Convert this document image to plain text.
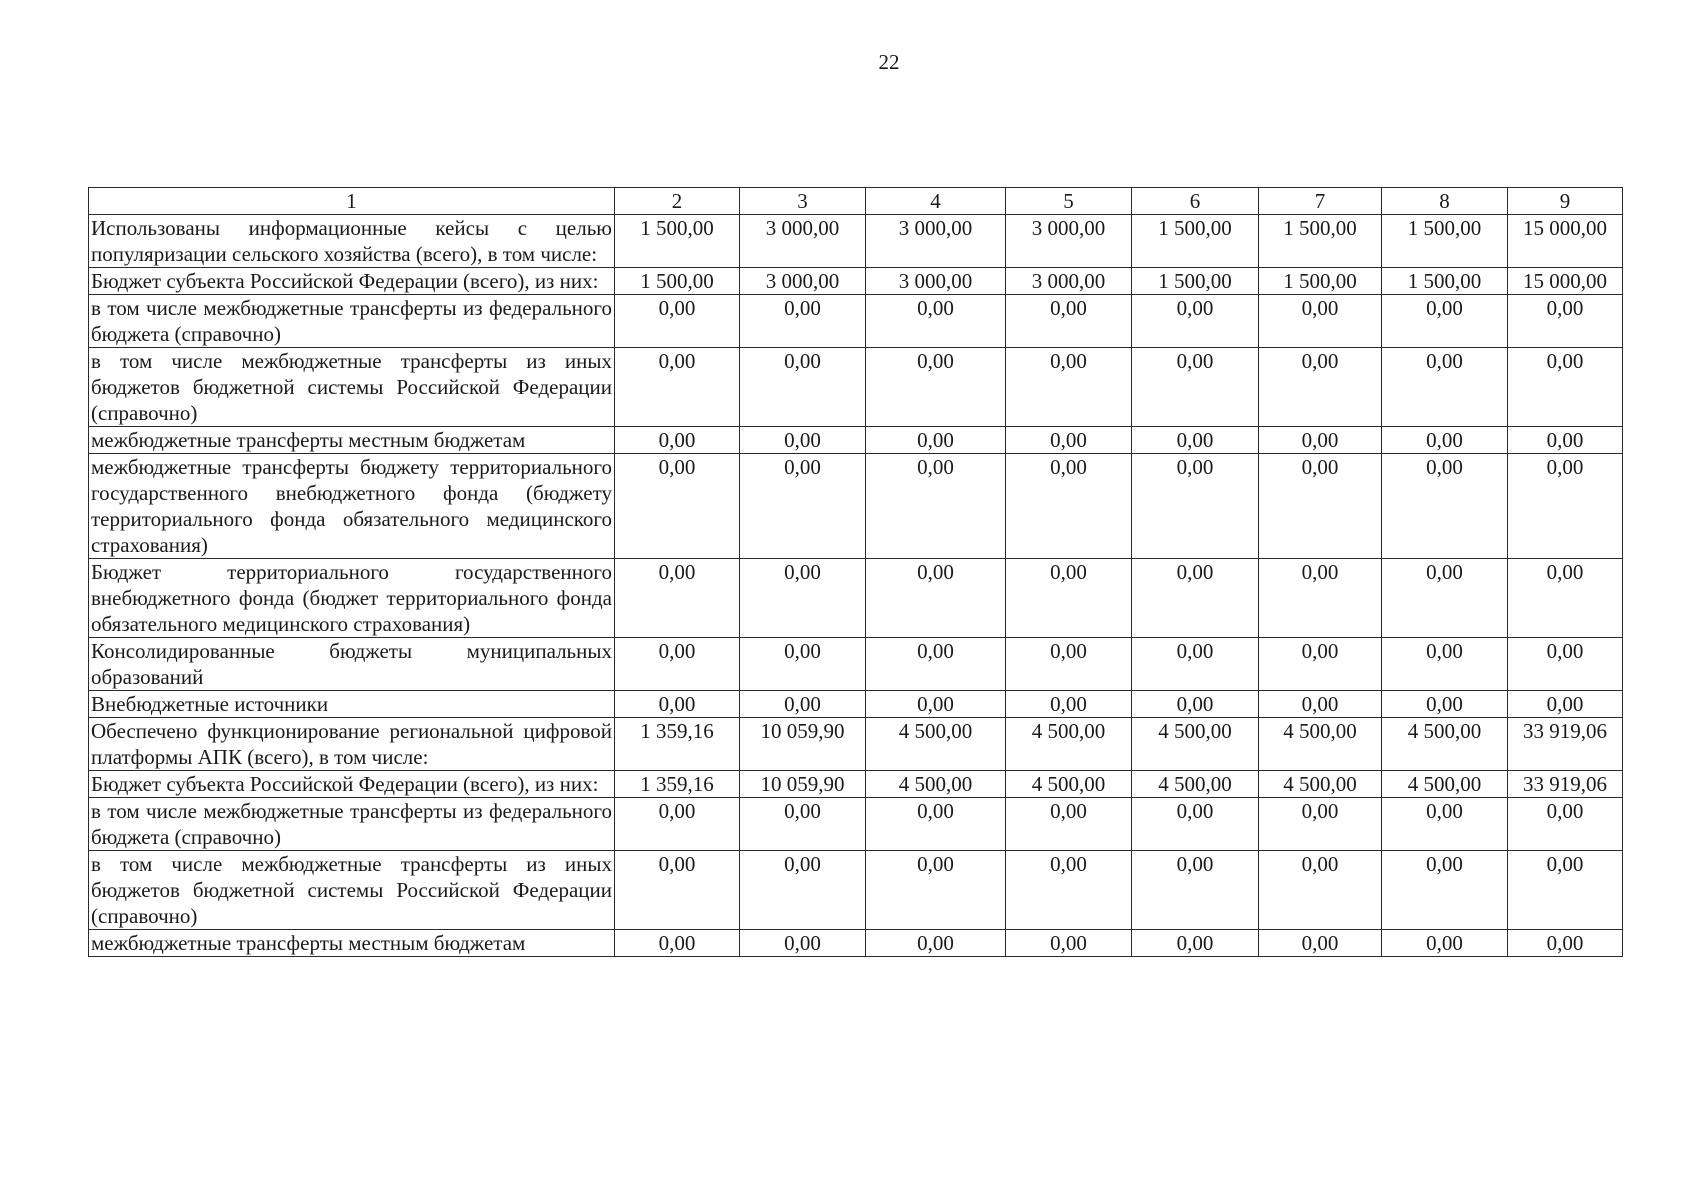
22
1	2	3	4	5	6	7	8	9
Использованы информационные кейсы с целью популяризации сельского хозяйства (всего), в том числе:	1 500,00	3 000,00	3 000,00	3 000,00	1 500,00	1 500,00	1 500,00	15 000,00
Бюджет субъекта Российской Федерации (всего), из них:	1 500,00	3 000,00	3 000,00	3 000,00	1 500,00	1 500,00	1 500,00	15 000,00
в том числе межбюджетные трансферты из федерального бюджета (справочно)	0,00	0,00	0,00	0,00	0,00	0,00	0,00	0,00
в том числе межбюджетные трансферты из иных бюджетов бюджетной системы Российской Федерации (справочно)	0,00	0,00	0,00	0,00	0,00	0,00	0,00	0,00
межбюджетные трансферты местным бюджетам	0,00	0,00	0,00	0,00	0,00	0,00	0,00	0,00
межбюджетные трансферты бюджету территориального государственного внебюджетного фонда (бюджету территориального фонда обязательного медицинского страхования)	0,00	0,00	0,00	0,00	0,00	0,00	0,00	0,00
Бюджет территориального государственного внебюджетного фонда (бюджет территориального фонда обязательного медицинского страхования)	0,00	0,00	0,00	0,00	0,00	0,00	0,00	0,00
Консолидированные бюджеты муниципальных образований	0,00	0,00	0,00	0,00	0,00	0,00	0,00	0,00
Внебюджетные источники	0,00	0,00	0,00	0,00	0,00	0,00	0,00	0,00
Обеспечено функционирование региональной цифровой платформы АПК (всего), в том числе:	1 359,16	10 059,90	4 500,00	4 500,00	4 500,00	4 500,00	4 500,00	33 919,06
Бюджет субъекта Российской Федерации (всего), из них:	1 359,16	10 059,90	4 500,00	4 500,00	4 500,00	4 500,00	4 500,00	33 919,06
в том числе межбюджетные трансферты из федерального бюджета (справочно)	0,00	0,00	0,00	0,00	0,00	0,00	0,00	0,00
в том числе межбюджетные трансферты из иных бюджетов бюджетной системы Российской Федерации (справочно)	0,00	0,00	0,00	0,00	0,00	0,00	0,00	0,00
межбюджетные трансферты местным бюджетам	0,00	0,00	0,00	0,00	0,00	0,00	0,00	0,00
